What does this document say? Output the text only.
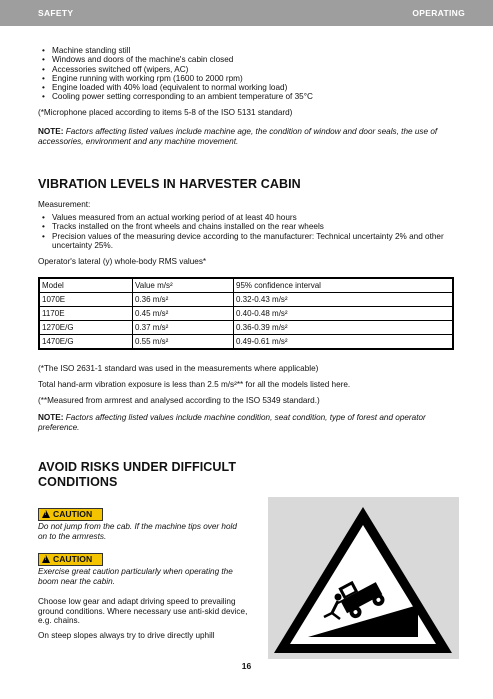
SAFETY	OPERATING
• Machine standing still
• Windows and doors of the machine's cabin closed
• Accessories switched off (wipers, AC)
• Engine running with working rpm (1600 to 2000 rpm)
• Engine loaded with 40% load (equivalent to normal working load)
• Cooling power setting corresponding to an ambient temperature of 35°C
(*Microphone placed according to items 5-8 of the ISO 5131 standard)
NOTE: Factors affecting listed values include machine age, the condition of window and door seals, the use of accessories, environment and any machine movement.
VIBRATION LEVELS IN HARVESTER CABIN
Measurement:
• Values measured from an actual working period of at least 40 hours
• Tracks installed on the front wheels and chains installed on the rear wheels
• Precision values of the measuring device according to the manufacturer: Technical uncertainty 2% and other uncertainty 25%.
Operator's lateral (y) whole-body RMS values*
Model	Value m/s²	95% confidence interval
1070E	0.36 m/s²	0.32-0.43 m/s²
1170E	0.45 m/s²	0.40-0.48 m/s²
1270E/G	0.37 m/s²	0.36-0.39 m/s²
1470E/G	0.55 m/s²	0.49-0.61 m/s²
(*The ISO 2631-1 standard was used in the measurements where applicable)
Total hand-arm vibration exposure is less than 2.5 m/s²** for all the models listed here.
(**Measured from armrest and analysed according to the ISO 5349 standard.)
NOTE: Factors affecting listed values include machine condition, seat condition, type of forest and operator preference.
AVOID RISKS UNDER DIFFICULT CONDITIONS
!
CAUTION
Do not jump from the cab. If the machine tips over hold on to the armrests.
!
CAUTION
Exercise great caution particularly when operating the boom near the cabin.
Choose low gear and adapt driving speed to prevailing ground conditions. Where necessary use anti-skid device, e.g. chains.
On steep slopes always try to drive directly uphill
16
